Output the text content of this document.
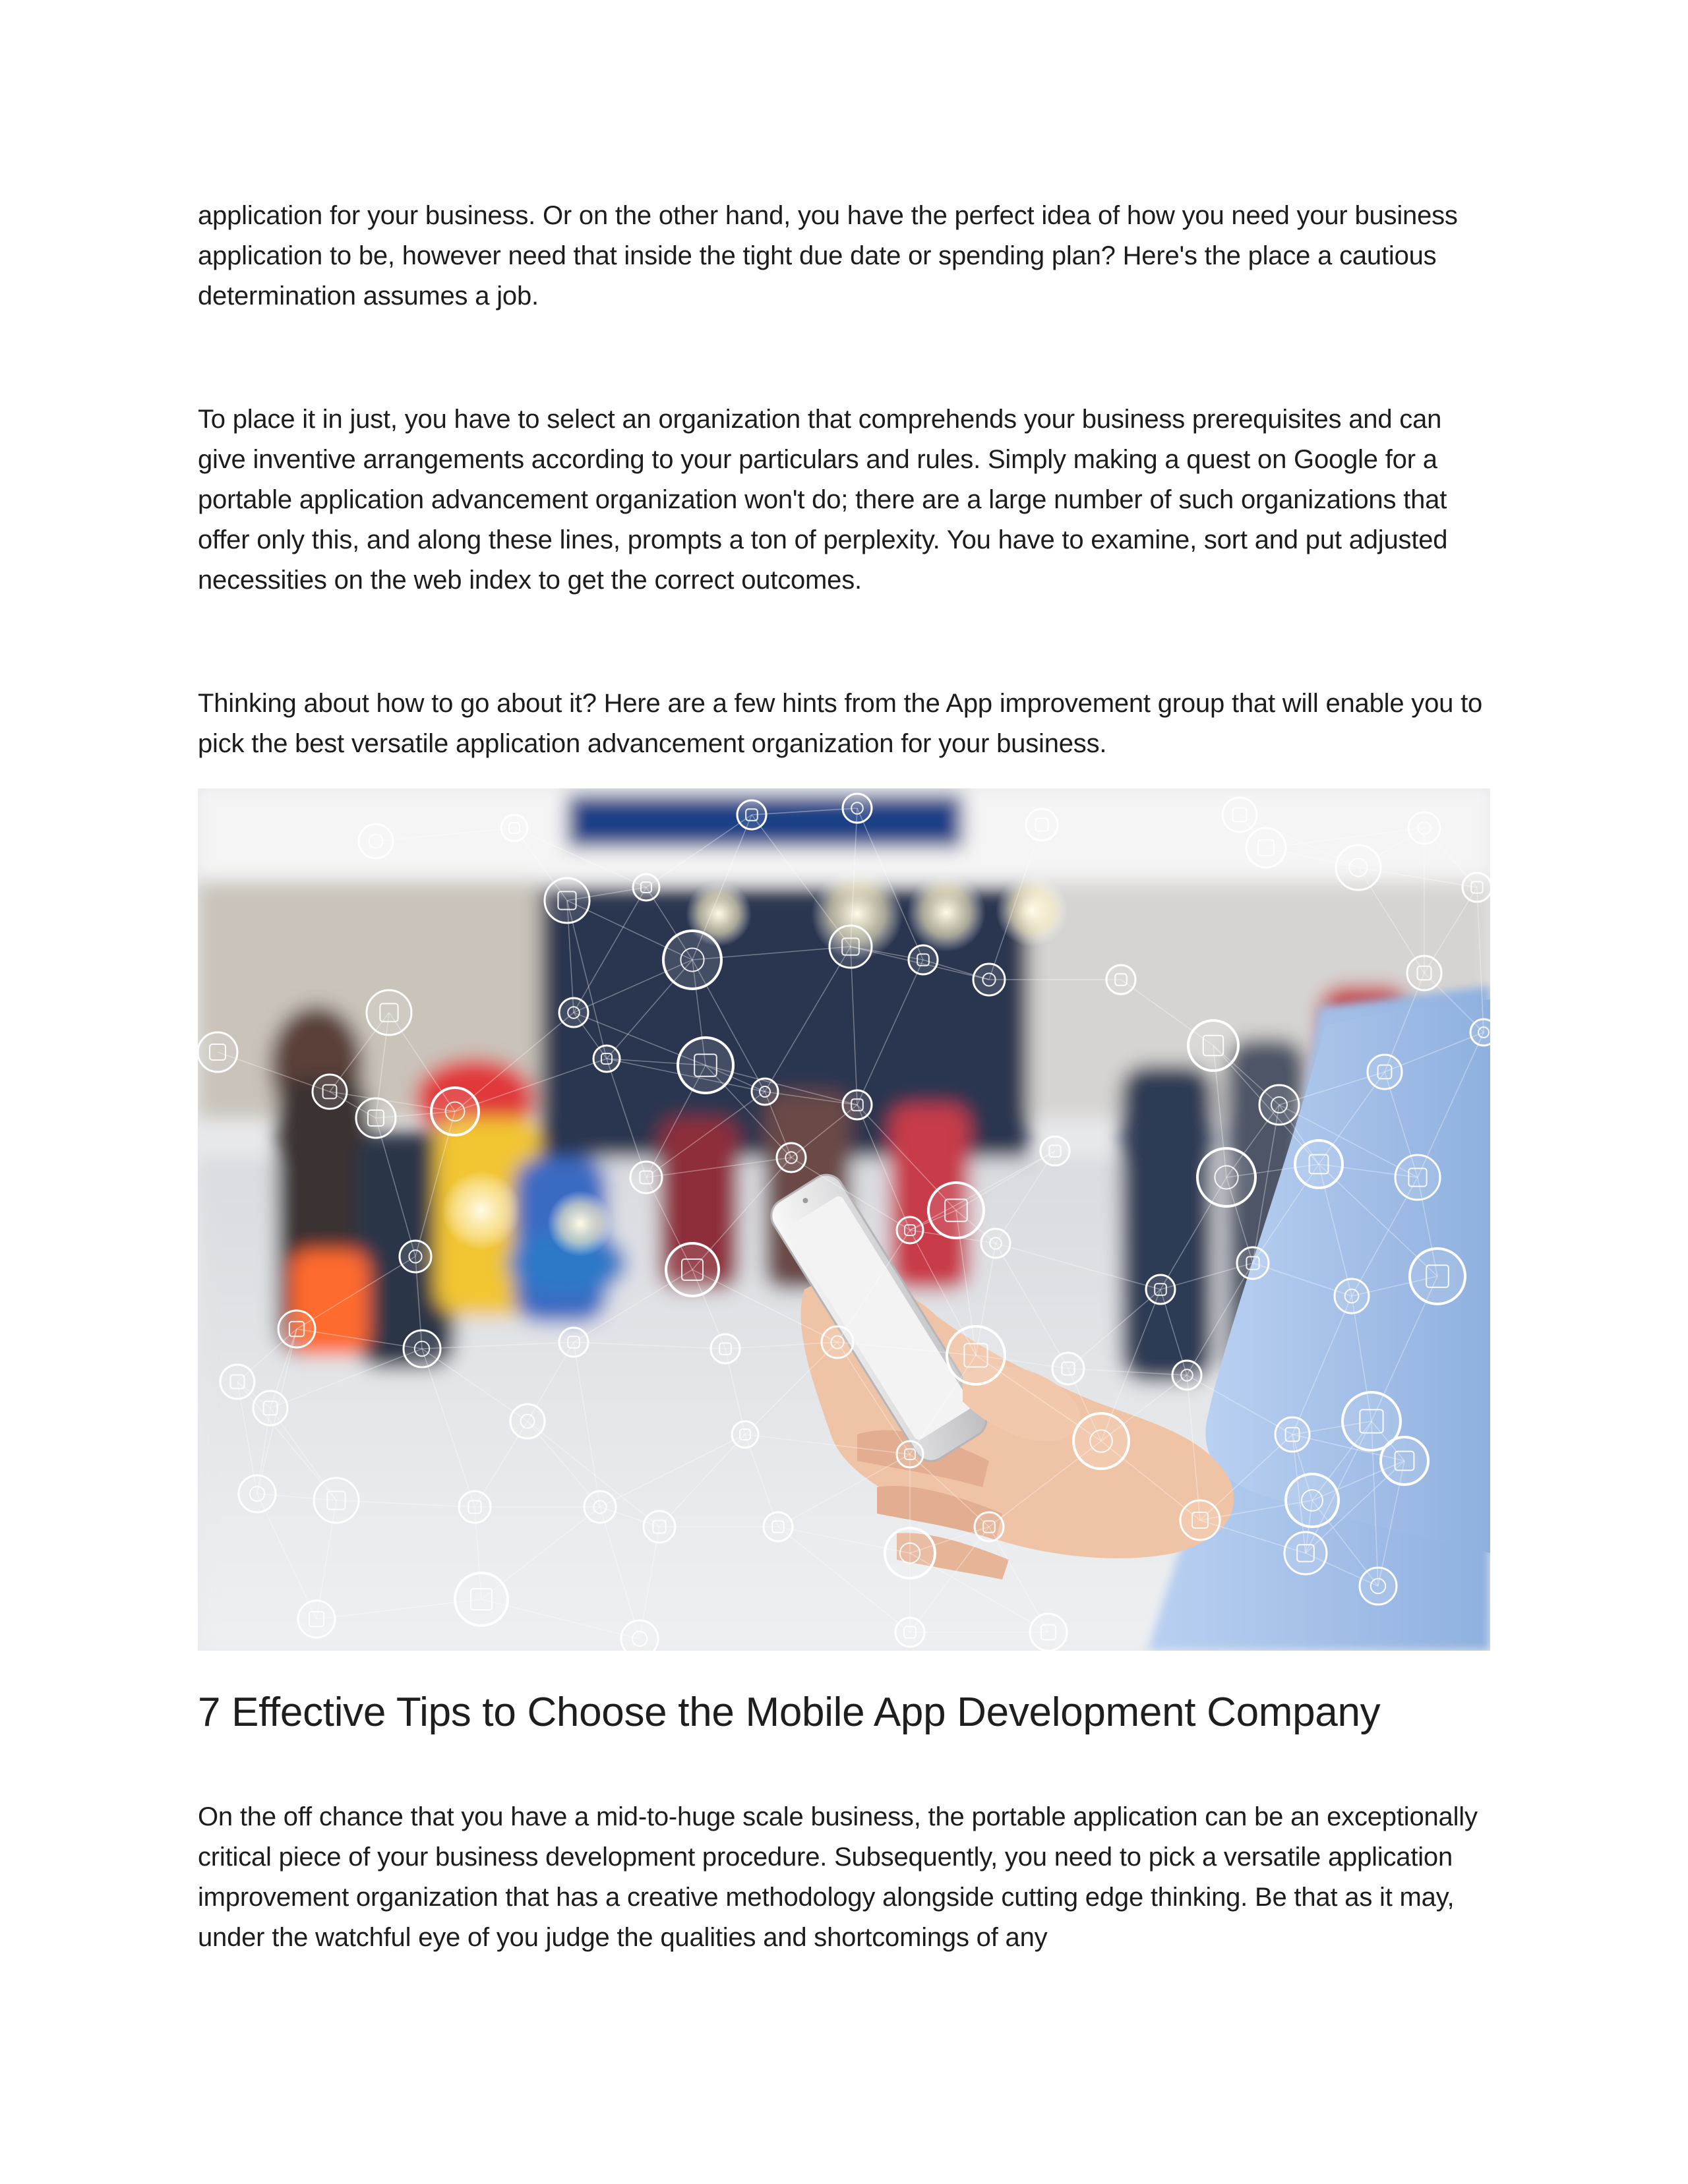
application for your business. Or on the other hand, you have the perfect idea of how you need your business application to be, however need that inside the tight due date or spending plan? Here's the place a cautious determination assumes a job.

To place it in just, you have to select an organization that comprehends your business prerequisites and can give inventive arrangements according to your particulars and rules. Simply making a quest on Google for a portable application advancement organization won't do; there are a large number of such organizations that offer only this, and along these lines, prompts a ton of perplexity. You have to examine, sort and put adjusted necessities on the web index to get the correct outcomes.

Thinking about how to go about it? Here are a few hints from the App improvement group that will enable you to pick the best versatile application advancement organization for your business.

7 Effective Tips to Choose the Mobile App Development Company

On the off chance that you have a mid-to-huge scale business, the portable application can be an exceptionally critical piece of your business development procedure. Subsequently, you need to pick a versatile application improvement organization that has a creative methodology alongside cutting edge thinking. Be that as it may, under the watchful eye of you judge the qualities and shortcomings of any
